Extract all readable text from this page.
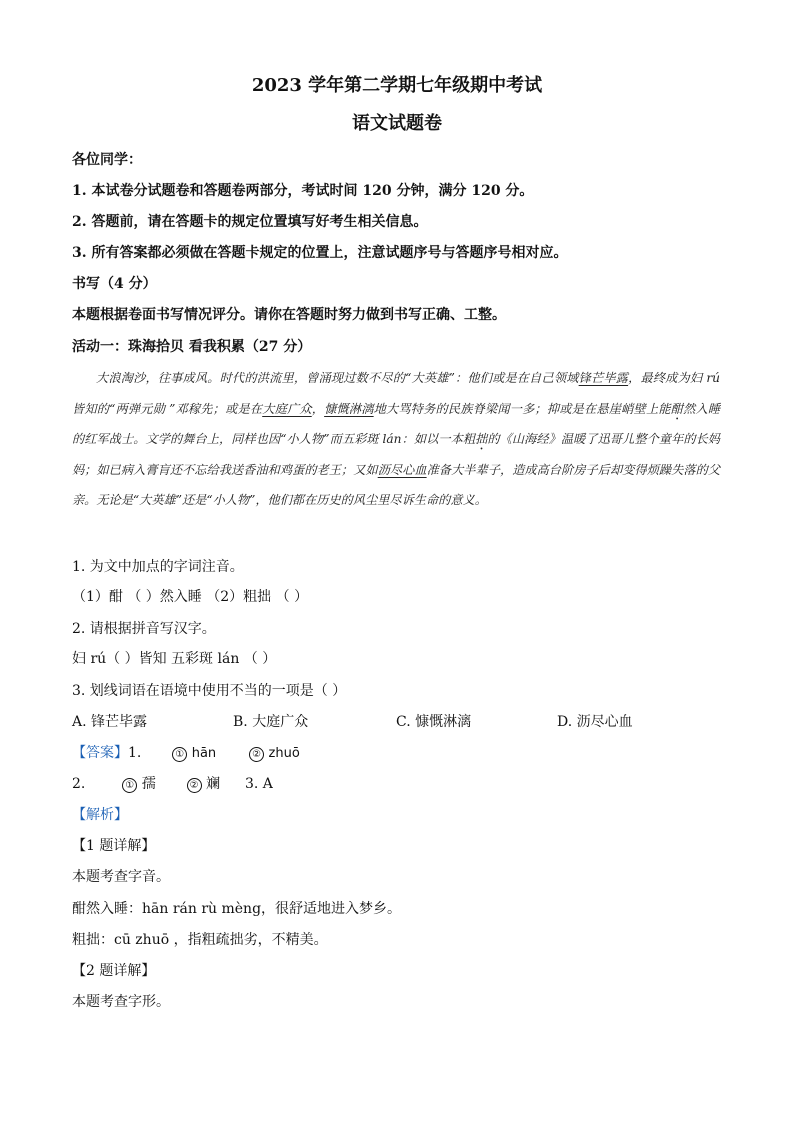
2023 学年第二学期七年级期中考试
语文试题卷
各位同学：
1. 本试卷分试题卷和答题卷两部分，考试时间 120 分钟，满分 120 分。
2. 答题前，请在答题卡的规定位置填写好考生相关信息。
3. 所有答案都必须做在答题卡规定的位置上，注意试题序号与答题序号相对应。
书写（4 分）
本题根据卷面书写情况评分。请你在答题时努力做到书写正确、工整。
活动一：珠海拾贝 看我积累（27 分）
大浪淘沙，往事成风。时代的洪流里，曾涌现过数不尽的“大英雄”：他们或是在自己领域锋芒毕露，最终成为妇 rú 皆知的“两弹元勋 ”邓稼先；或是在大庭广众，慷慨淋漓地大骂特务的民族脊梁闻一多；抑或是在悬崖峭壁上能酣然入睡的红军战士。文学的舞台上，同样也因“小人物”而五彩斑 lán：如以一本粗拙的《山海经》温暖了迅哥儿整个童年的长妈妈；如已病入膏肓还不忘给我送香油和鸡蛋的老王；又如沥尽心血准备大半辈子，造成高台阶房子后却变得烦躁失落的父亲。无论是“大英雄”还是“小人物”，他们都在历史的风尘里尽诉生命的意义。
1. 为文中加点的字词注音。
（1）酣 （ ）然入睡 （2）粗拙 （ ）
2. 请根据拼音写汉字。
妇 rú（ ）皆知 五彩斑 lán （ ）
3. 划线词语在语境中使用不当的一项是（ ）
A. 锋芒毕露	B. 大庭广众	C. 慷慨淋漓	D. 沥尽心血
【答案】1.	① hān	② zhuō
2.	① 孺	② 斓 3. A
【解析】
【1 题详解】
本题考查字音。
酣然入睡：hān rán rù mèng，很舒适地进入梦乡。
粗拙：cū zhuō ，指粗疏拙劣，不精美。
【2 题详解】
本题考查字形。
